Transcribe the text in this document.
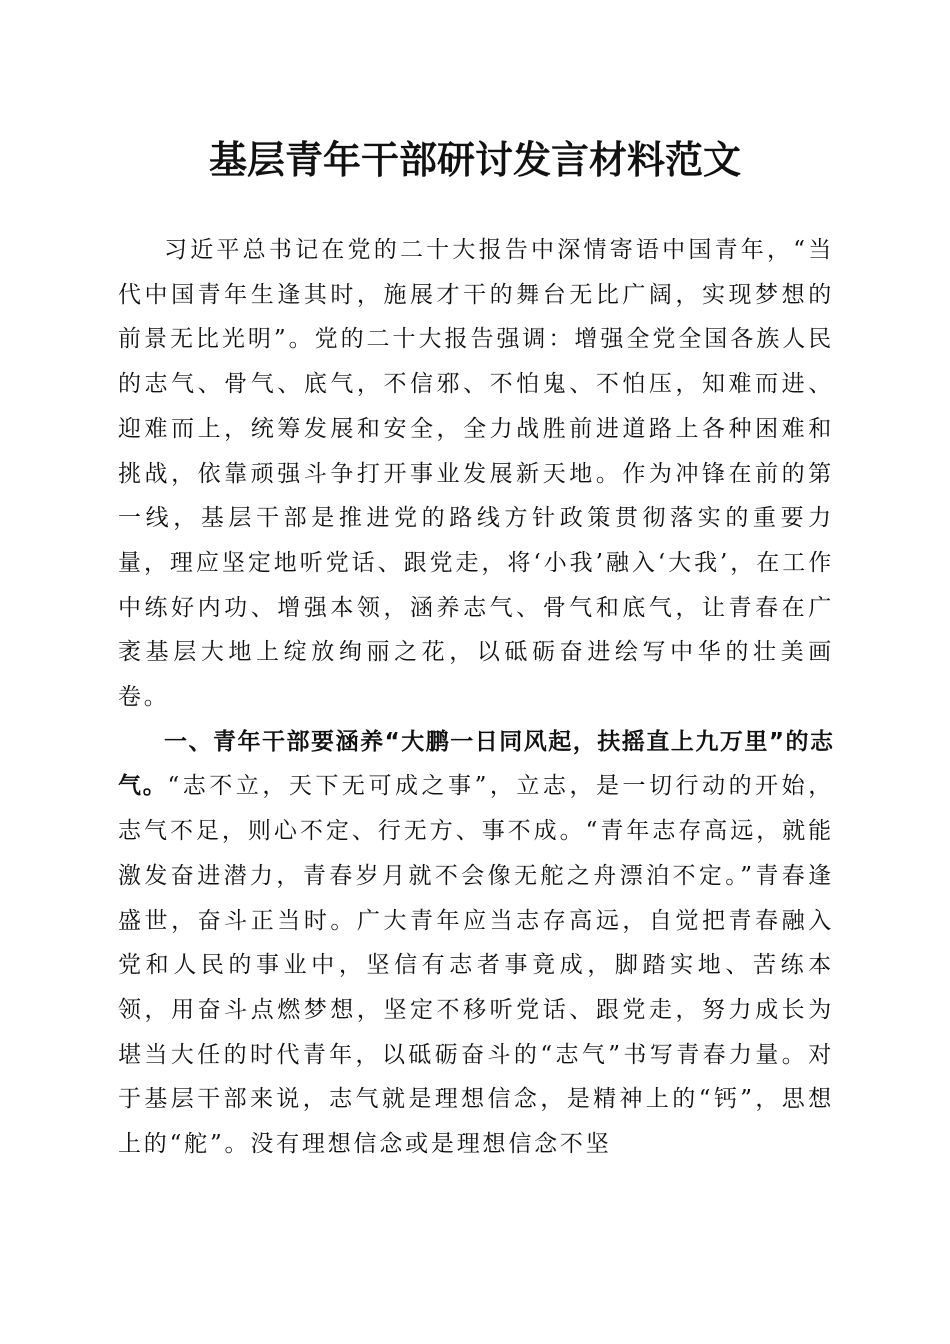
基层青年干部研讨发言材料范文

习近平总书记在党的二十大报告中深情寄语中国青年，“当代中国青年生逢其时，施展才干的舞台无比广阔，实现梦想的前景无比光明”。党的二十大报告强调：增强全党全国各族人民的志气、骨气、底气，不信邪、不怕鬼、不怕压，知难而进、迎难而上，统筹发展和安全，全力战胜前进道路上各种困难和挑战，依靠顽强斗争打开事业发展新天地。作为冲锋在前的第一线，基层干部是推进党的路线方针政策贯彻落实的重要力量，理应坚定地听党话、跟党走，将‘小我’融入‘大我’，在工作中练好内功、增强本领，涵养志气、骨气和底气，让青春在广袤基层大地上绽放绚丽之花，以砥砺奋进绘写中华的壮美画卷。

一、青年干部要涵养“大鹏一日同风起，扶摇直上九万里”的志气。“志不立，天下无可成之事”，立志，是一切行动的开始，志气不足，则心不定、行无方、事不成。“青年志存高远，就能激发奋进潜力，青春岁月就不会像无舵之舟漂泊不定。”青春逢盛世，奋斗正当时。广大青年应当志存高远，自觉把青春融入党和人民的事业中，坚信有志者事竟成，脚踏实地、苦练本领，用奋斗点燃梦想，坚定不移听党话、跟党走，努力成长为堪当大任的时代青年，以砥砺奋斗的“志气”书写青春力量。对于基层干部来说，志气就是理想信念，是精神上的“钙”，思想上的“舵”。没有理想信念或是理想信念不坚
